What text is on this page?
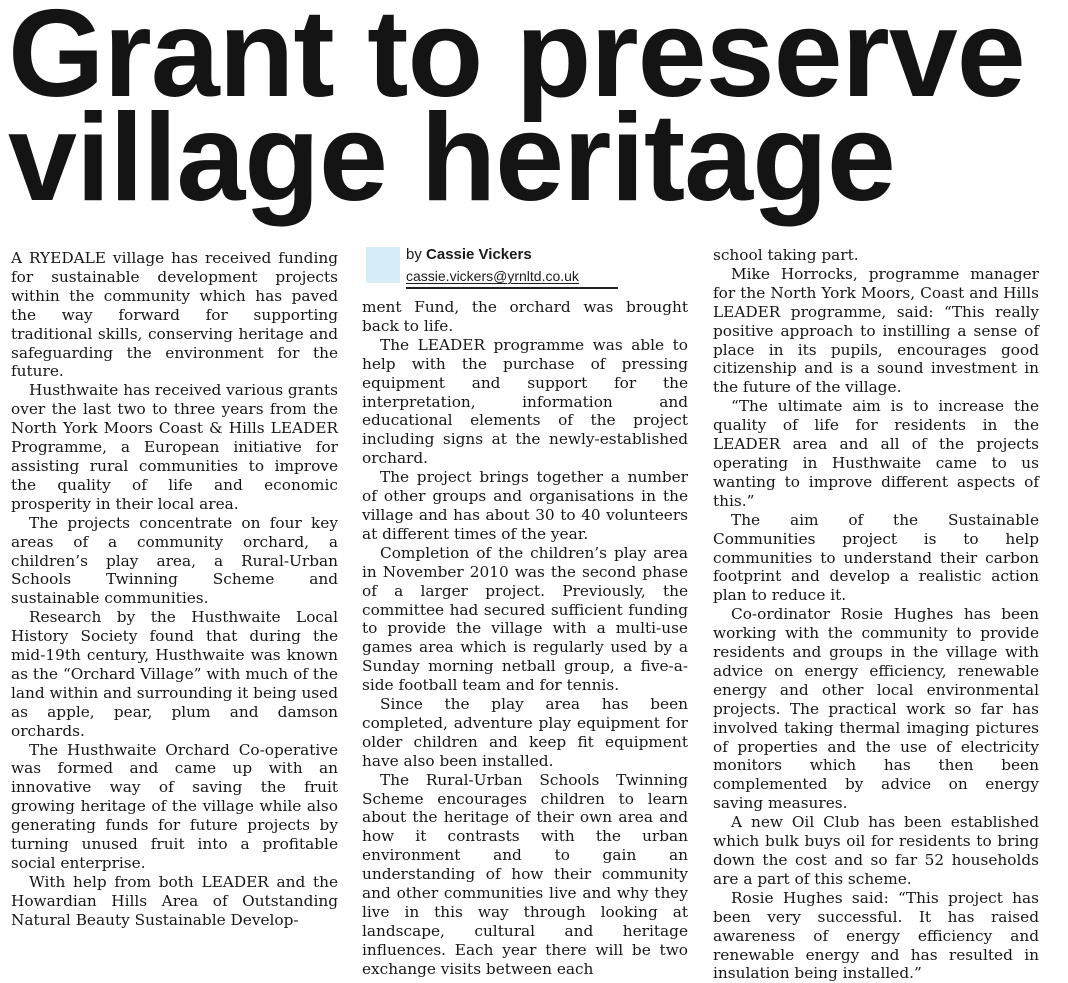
Grant to preserve
village heritage

A RYEDALE village has received funding for sustainable development projects within the community which has paved the way forward for supporting traditional skills, conserving heritage and safeguarding the environment for the future.

Husthwaite has received various grants over the last two to three years from the North York Moors Coast & Hills LEADER Programme, a European initiative for assisting rural communities to improve the quality of life and economic prosperity in their local area.

The projects concentrate on four key areas of a community orchard, a children’s play area, a Rural-Urban Schools Twinning Scheme and sustainable communities.

Research by the Husthwaite Local History Society found that during the mid-19th century, Husthwaite was known as the “Orchard Village” with much of the land within and surrounding it being used as apple, pear, plum and damson orchards.

The Husthwaite Orchard Co-operative was formed and came up with an innovative way of saving the fruit growing heritage of the village while also generating funds for future projects by turning unused fruit into a profitable social enterprise.

With help from both LEADER and the Howardian Hills Area of Outstanding Natural Beauty Sustainable Develop-

by Cassie Vickers
cassie.vickers@yrnltd.co.uk

ment Fund, the orchard was brought back to life.

The LEADER programme was able to help with the purchase of pressing equipment and support for the interpretation, information and educational elements of the project including signs at the newly-established orchard.

The project brings together a number of other groups and organisations in the village and has about 30 to 40 volunteers at different times of the year.

Completion of the children’s play area in November 2010 was the second phase of a larger project. Previously, the committee had secured sufficient funding to provide the village with a multi-use games area which is regularly used by a Sunday morning netball group, a five-a-side football team and for tennis.

Since the play area has been completed, adventure play equipment for older children and keep fit equipment have also been installed.

The Rural-Urban Schools Twinning Scheme encourages children to learn about the heritage of their own area and how it contrasts with the urban environment and to gain an understanding of how their community and other communities live and why they live in this way through looking at landscape, cultural and heritage influences. Each year there will be two exchange visits between each

school taking part.

Mike Horrocks, programme manager for the North York Moors, Coast and Hills LEADER programme, said: “This really positive approach to instilling a sense of place in its pupils, encourages good citizenship and is a sound investment in the future of the village.

“The ultimate aim is to increase the quality of life for residents in the LEADER area and all of the projects operating in Husthwaite came to us wanting to improve different aspects of this.”

The aim of the Sustainable Communities project is to help communities to understand their carbon footprint and develop a realistic action plan to reduce it.

Co-ordinator Rosie Hughes has been working with the community to provide residents and groups in the village with advice on energy efficiency, renewable energy and other local environmental projects. The practical work so far has involved taking thermal imaging pictures of properties and the use of electricity monitors which has then been complemented by advice on energy saving measures.

A new Oil Club has been established which bulk buys oil for residents to bring down the cost and so far 52 households are a part of this scheme.

Rosie Hughes said: “This project has been very successful. It has raised awareness of energy efficiency and renewable energy and has resulted in insulation being installed.”
